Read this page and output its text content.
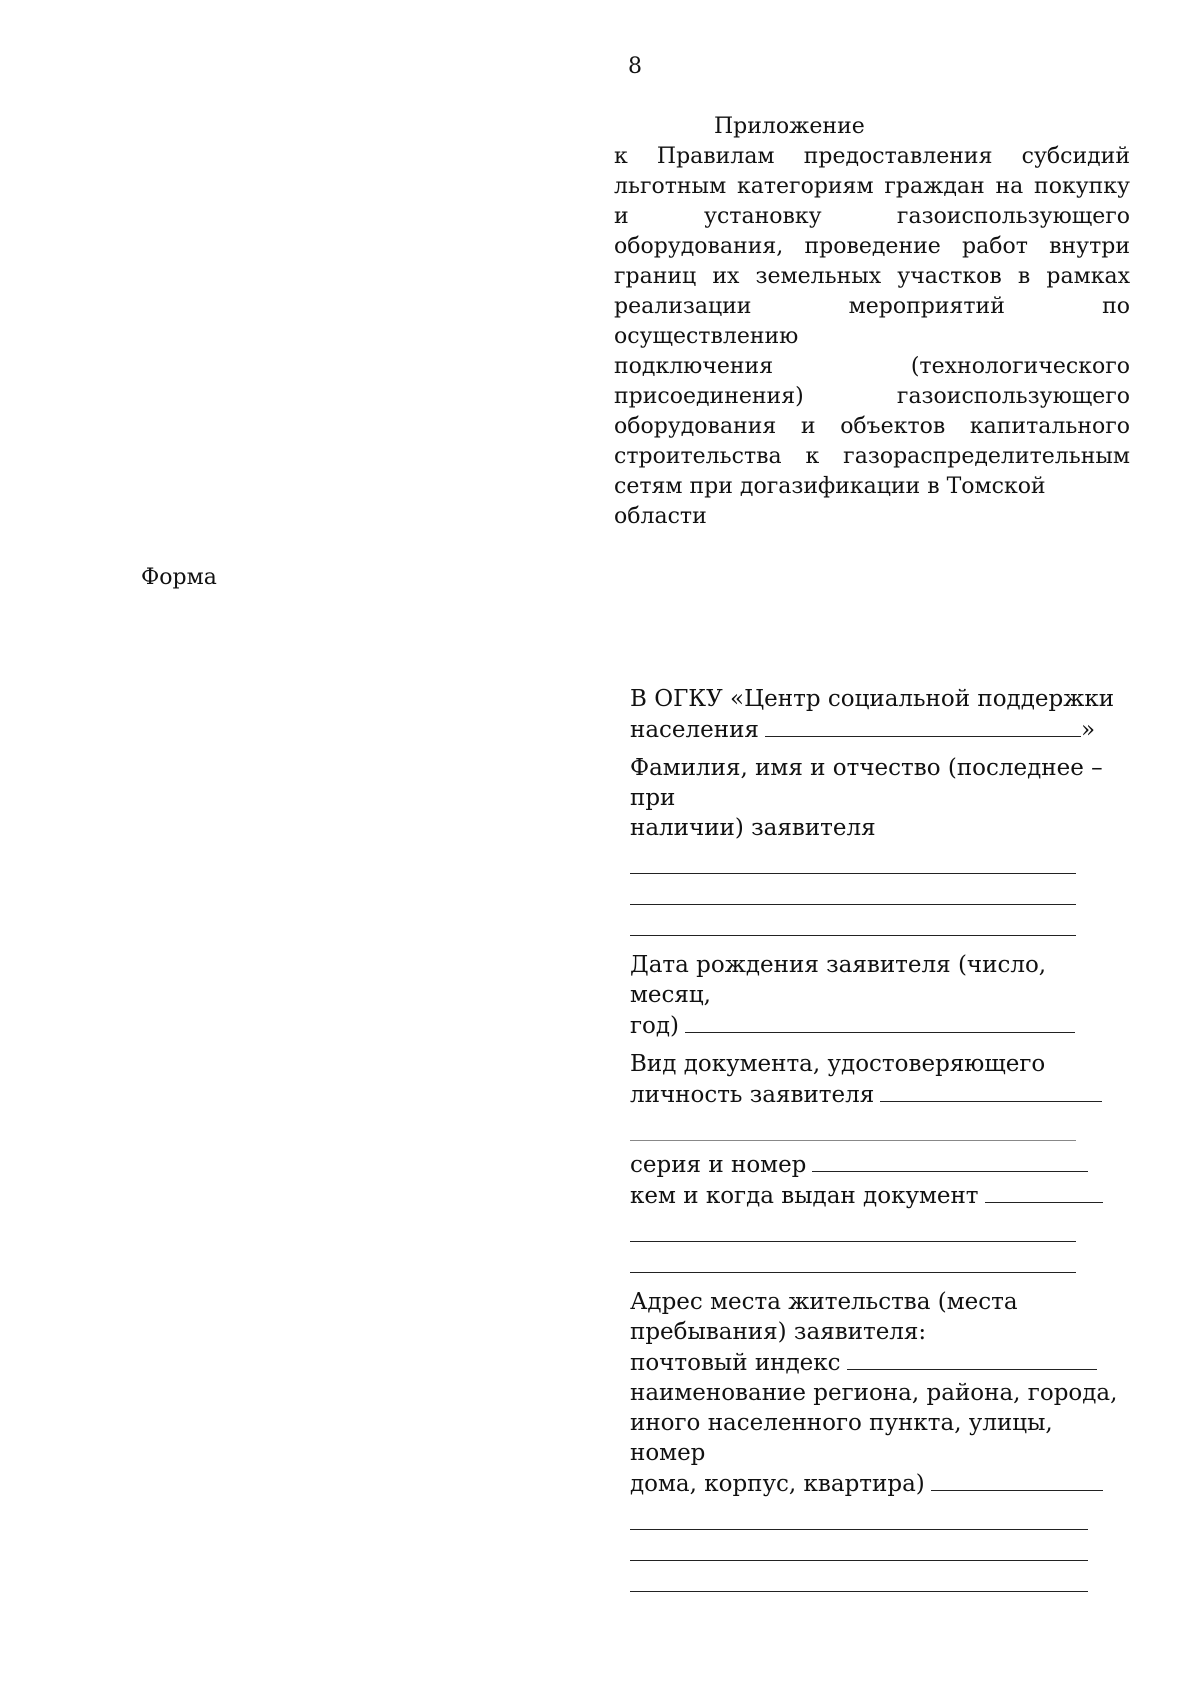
8
Приложение
к Правилам предоставления субсидий
льготным категориям граждан на покупку
и установку газоиспользующего
оборудования, проведение работ внутри
границ их земельных участков в рамках
реализации мероприятий по осуществлению
подключения (технологического
присоединения) газоиспользующего
оборудования и объектов капитального
строительства к газораспределительным
сетям при догазификации в Томской области
Форма
В ОГКУ «Центр социальной поддержки
населения	»
Фамилия, имя и отчество (последнее – при
наличии) заявителя
Дата рождения заявителя (число, месяц,
год)
Вид документа, удостоверяющего
личность заявителя
серия и номер
кем и когда выдан документ
Адрес места жительства (места
пребывания) заявителя:
почтовый индекс
наименование региона, района, города,
иного населенного пункта, улицы, номер
дома, корпус, квартира)
